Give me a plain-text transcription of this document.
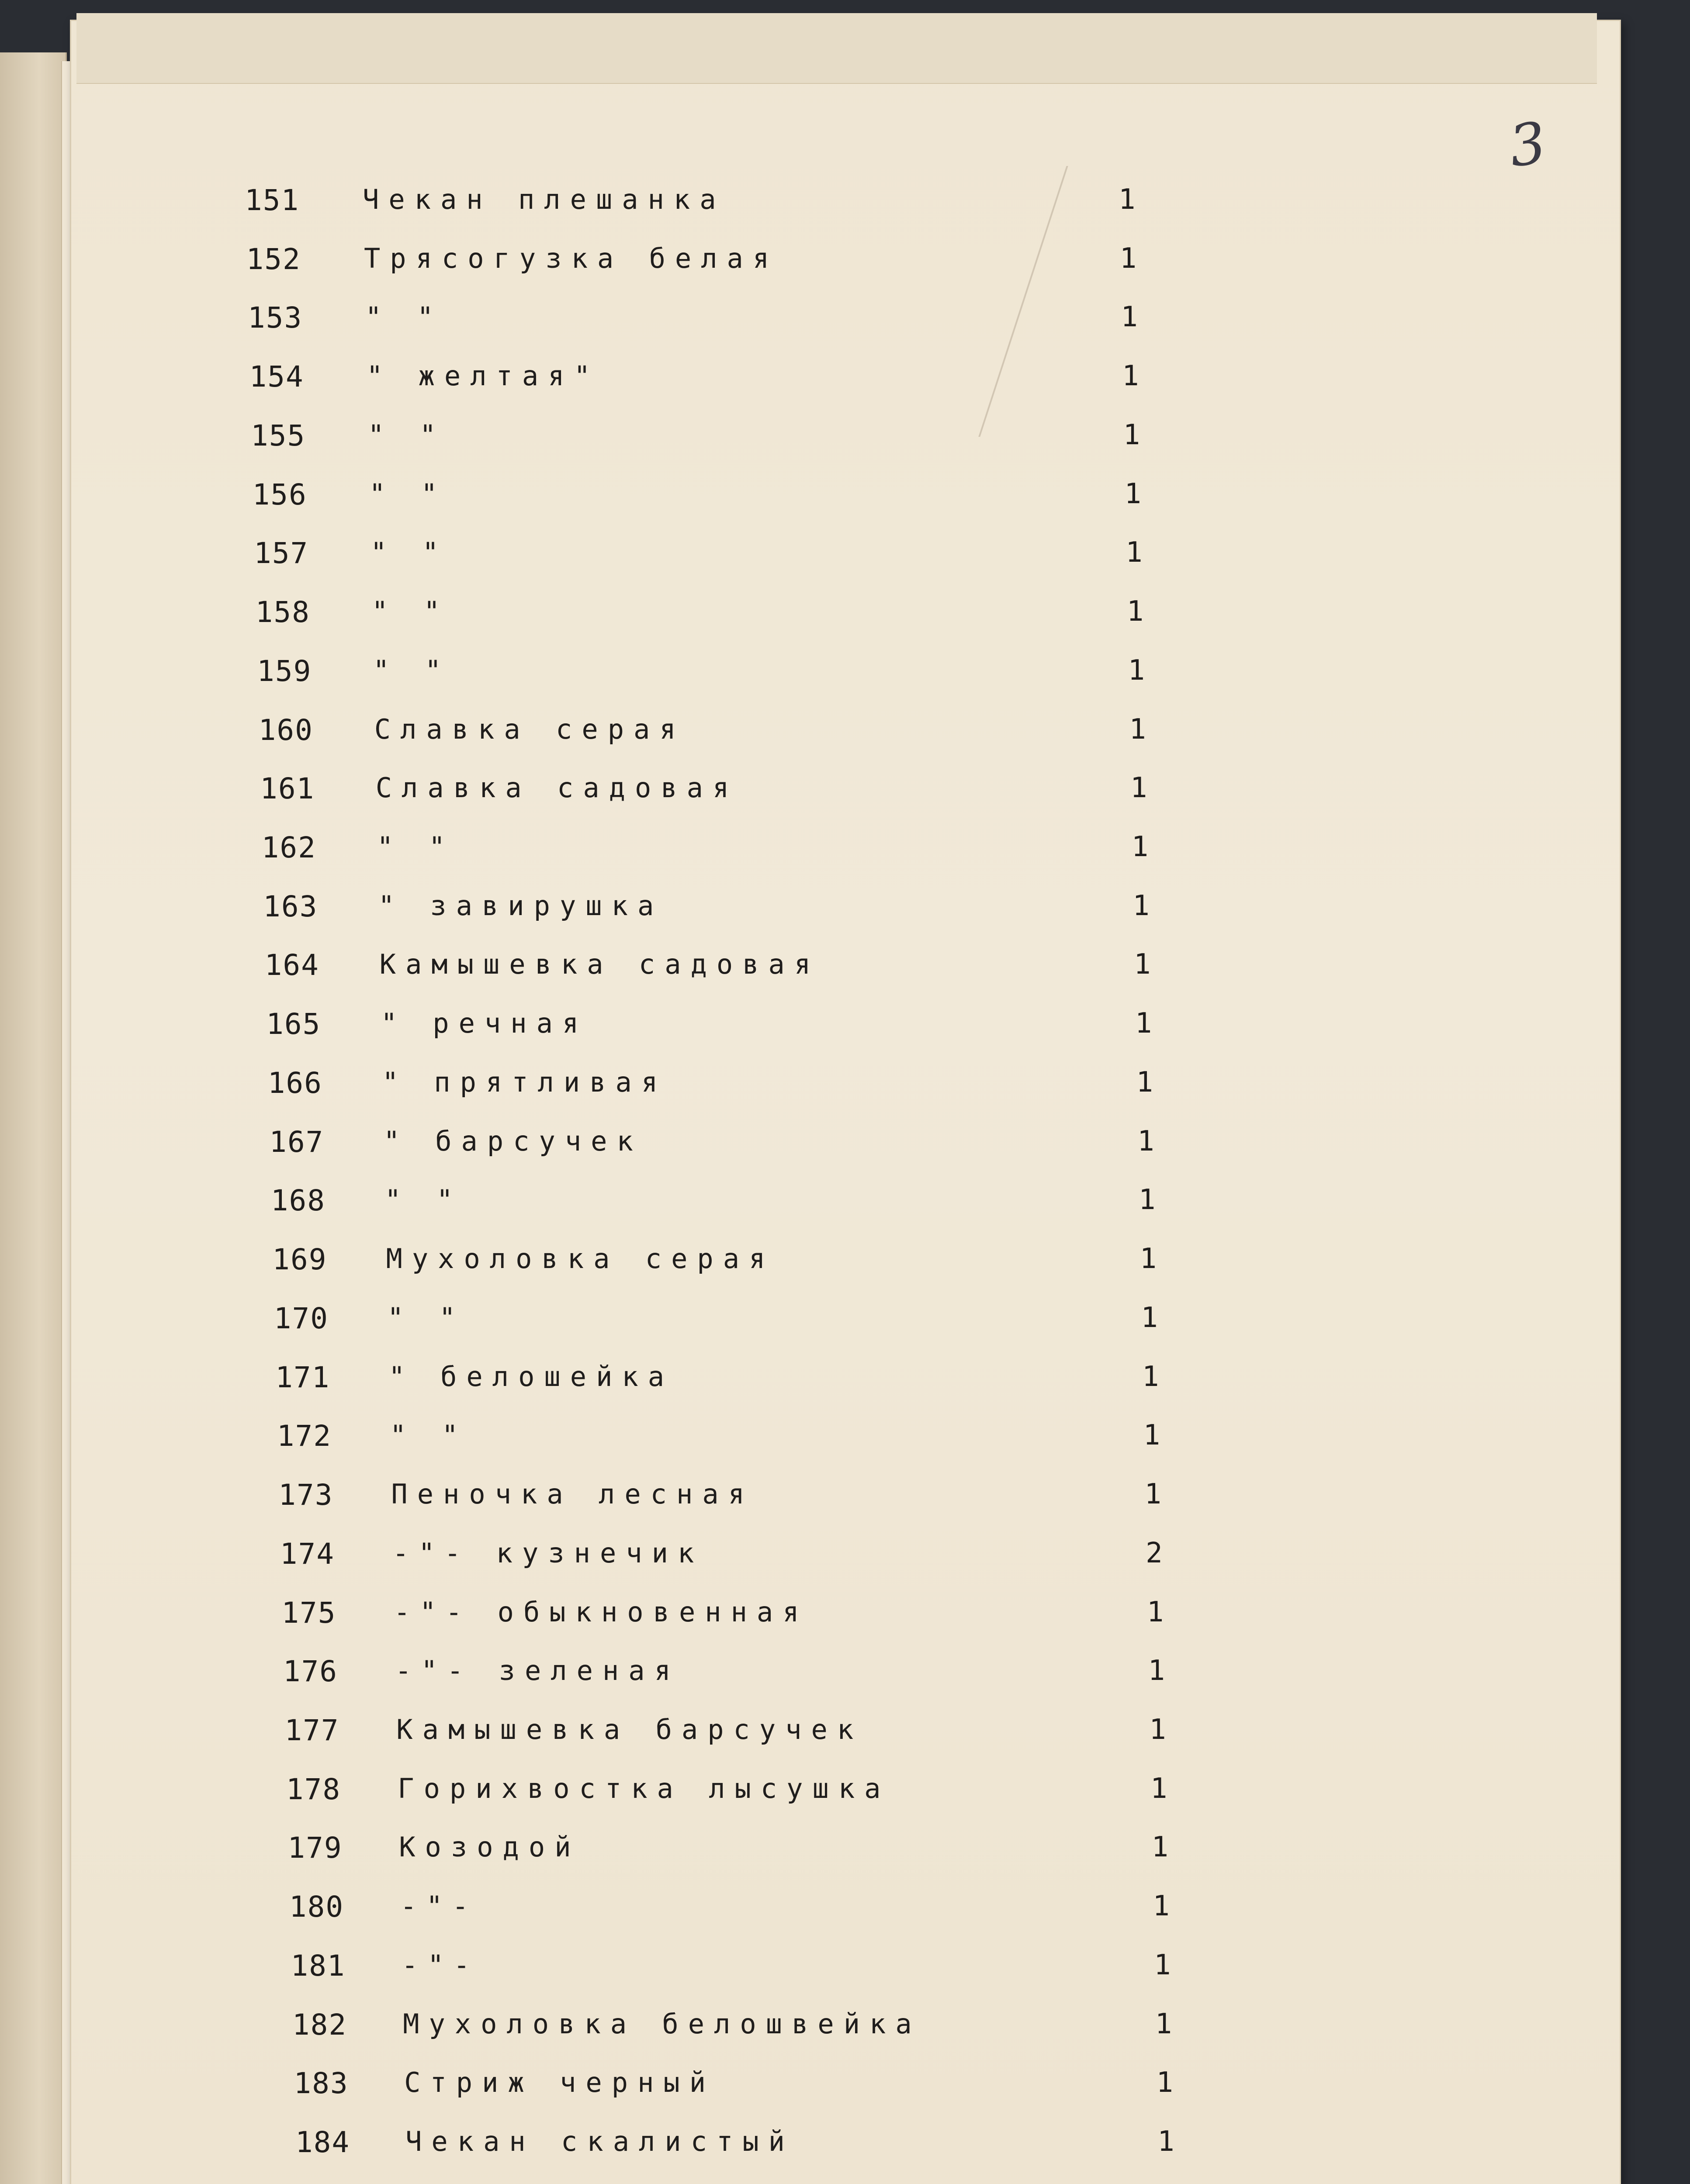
3
151 Чекан плешанка	1
152 Трясогузка белая	1
153 " "	1
154 " желтая"	1
155 " "	1
156 " "	1
157 " "	1
158 " "	1
159 " "	1
160 Славка серая	1
161 Славка садовая	1
162 " "	1
163 " завирушка	1
164 Камышевка садовая	1
165 " речная	1
166 " прятливая	1
167 " барсучек	1
168 " "	1
169 Мухоловка серая	1
170 " "	1
171 " белошейка	1
172 " "	1
173 Пеночка лесная	1
174 -"- кузнечик	2
175 -"- обыкновенная	1
176 -"- зеленая	1
177 Камышевка барсучек	1
178 Горихвостка лысушка	1
179 Козодой	1
180 -"-	1
181 -"-	1
182 Мухоловка белошвейка	1
183 Стриж черный	1
184 Чекан скалистый	1
